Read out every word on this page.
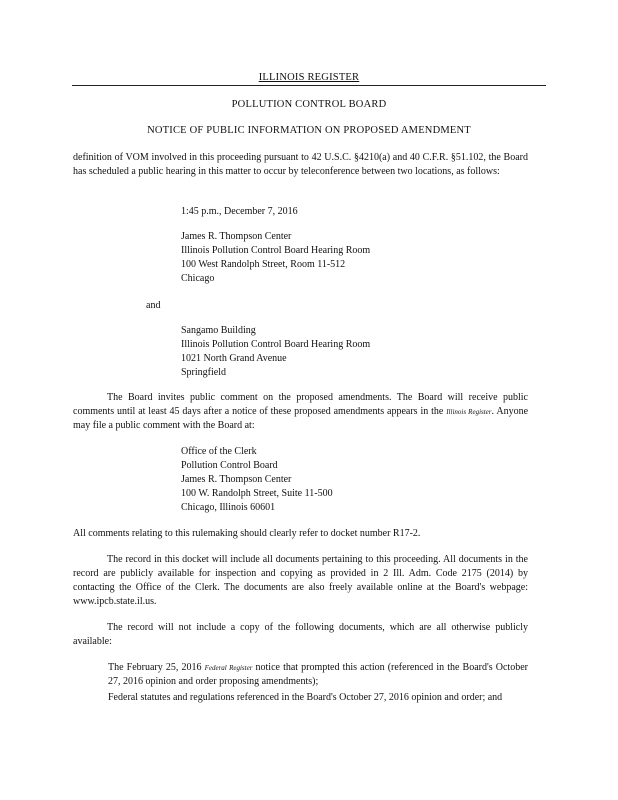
ILLINOIS REGISTER
POLLUTION CONTROL BOARD
NOTICE OF PUBLIC INFORMATION ON PROPOSED AMENDMENT

definition of VOM involved in this proceeding pursuant to 42 U.S.C. §4210(a) and 40 C.F.R. §51.102, the Board has scheduled a public hearing in this matter to occur by teleconference between two locations, as follows:

1:45 p.m., December 7, 2016
James R. Thompson Center
Illinois Pollution Control Board Hearing Room
100 West Randolph Street, Room 11-512
Chicago
and
Sangamo Building
Illinois Pollution Control Board Hearing Room
1021 North Grand Avenue
Springfield

The Board invites public comment on the proposed amendments. The Board will receive public comments until at least 45 days after a notice of these proposed amendments appears in the Illinois Register. Anyone may file a public comment with the Board at:

Office of the Clerk
Pollution Control Board
James R. Thompson Center
100 W. Randolph Street, Suite 11-500
Chicago, Illinois 60601

All comments relating to this rulemaking should clearly refer to docket number R17-2.

The record in this docket will include all documents pertaining to this proceeding. All documents in the record are publicly available for inspection and copying as provided in 2 Ill. Adm. Code 2175 (2014) by contacting the Office of the Clerk. The documents are also freely available online at the Board's webpage: www.ipcb.state.il.us.

The record will not include a copy of the following documents, which are all otherwise publicly available:

The February 25, 2016 Federal Register notice that prompted this action (referenced in the Board's October 27, 2016 opinion and order proposing amendments);

Federal statutes and regulations referenced in the Board's October 27, 2016 opinion and order; and
